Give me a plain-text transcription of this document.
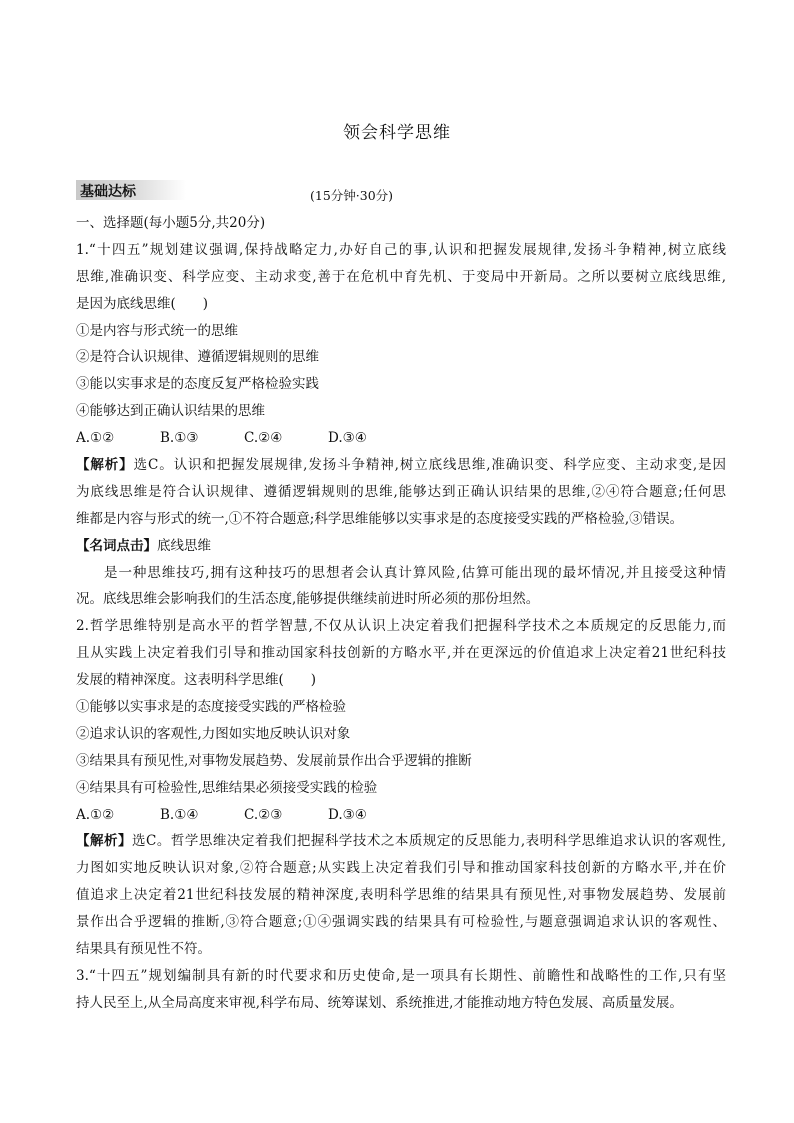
领会科学思维
基础达标	(15分钟·30分)
一、选择题(每小题5分,共20分)
1.“十四五”规划建议强调,保持战略定力,办好自己的事,认识和把握发展规律,发扬斗争精神,树立底线
思维,准确识变、科学应变、主动求变,善于在危机中育先机、于变局中开新局。之所以要树立底线思维,
是因为底线思维(　　)
①是内容与形式统一的思维
②是符合认识规律、遵循逻辑规则的思维
③能以实事求是的态度反复严格检验实践
④能够达到正确认识结果的思维
A.①②	B.①③	C.②④	D.③④
【解析】选C。认识和把握发展规律,发扬斗争精神,树立底线思维,准确识变、科学应变、主动求变,是因
为底线思维是符合认识规律、遵循逻辑规则的思维,能够达到正确认识结果的思维,②④符合题意;任何思
维都是内容与形式的统一,①不符合题意;科学思维能够以实事求是的态度接受实践的严格检验,③错误。
【名词点击】底线思维
是一种思维技巧,拥有这种技巧的思想者会认真计算风险,估算可能出现的最坏情况,并且接受这种情
况。底线思维会影响我们的生活态度,能够提供继续前进时所必须的那份坦然。
2.哲学思维特别是高水平的哲学智慧,不仅从认识上决定着我们把握科学技术之本质规定的反思能力,而
且从实践上决定着我们引导和推动国家科技创新的方略水平,并在更深远的价值追求上决定着21世纪科技
发展的精神深度。这表明科学思维(　　)
①能够以实事求是的态度接受实践的严格检验
②追求认识的客观性,力图如实地反映认识对象
③结果具有预见性,对事物发展趋势、发展前景作出合乎逻辑的推断
④结果具有可检验性,思维结果必须接受实践的检验
A.①②	B.①④	C.②③	D.③④
【解析】选C。哲学思维决定着我们把握科学技术之本质规定的反思能力,表明科学思维追求认识的客观性,
力图如实地反映认识对象,②符合题意;从实践上决定着我们引导和推动国家科技创新的方略水平,并在价
值追求上决定着21世纪科技发展的精神深度,表明科学思维的结果具有预见性,对事物发展趋势、发展前
景作出合乎逻辑的推断,③符合题意;①④强调实践的结果具有可检验性,与题意强调追求认识的客观性、
结果具有预见性不符。
3.“十四五”规划编制具有新的时代要求和历史使命,是一项具有长期性、前瞻性和战略性的工作,只有坚
持人民至上,从全局高度来审视,科学布局、统筹谋划、系统推进,才能推动地方特色发展、高质量发展。
